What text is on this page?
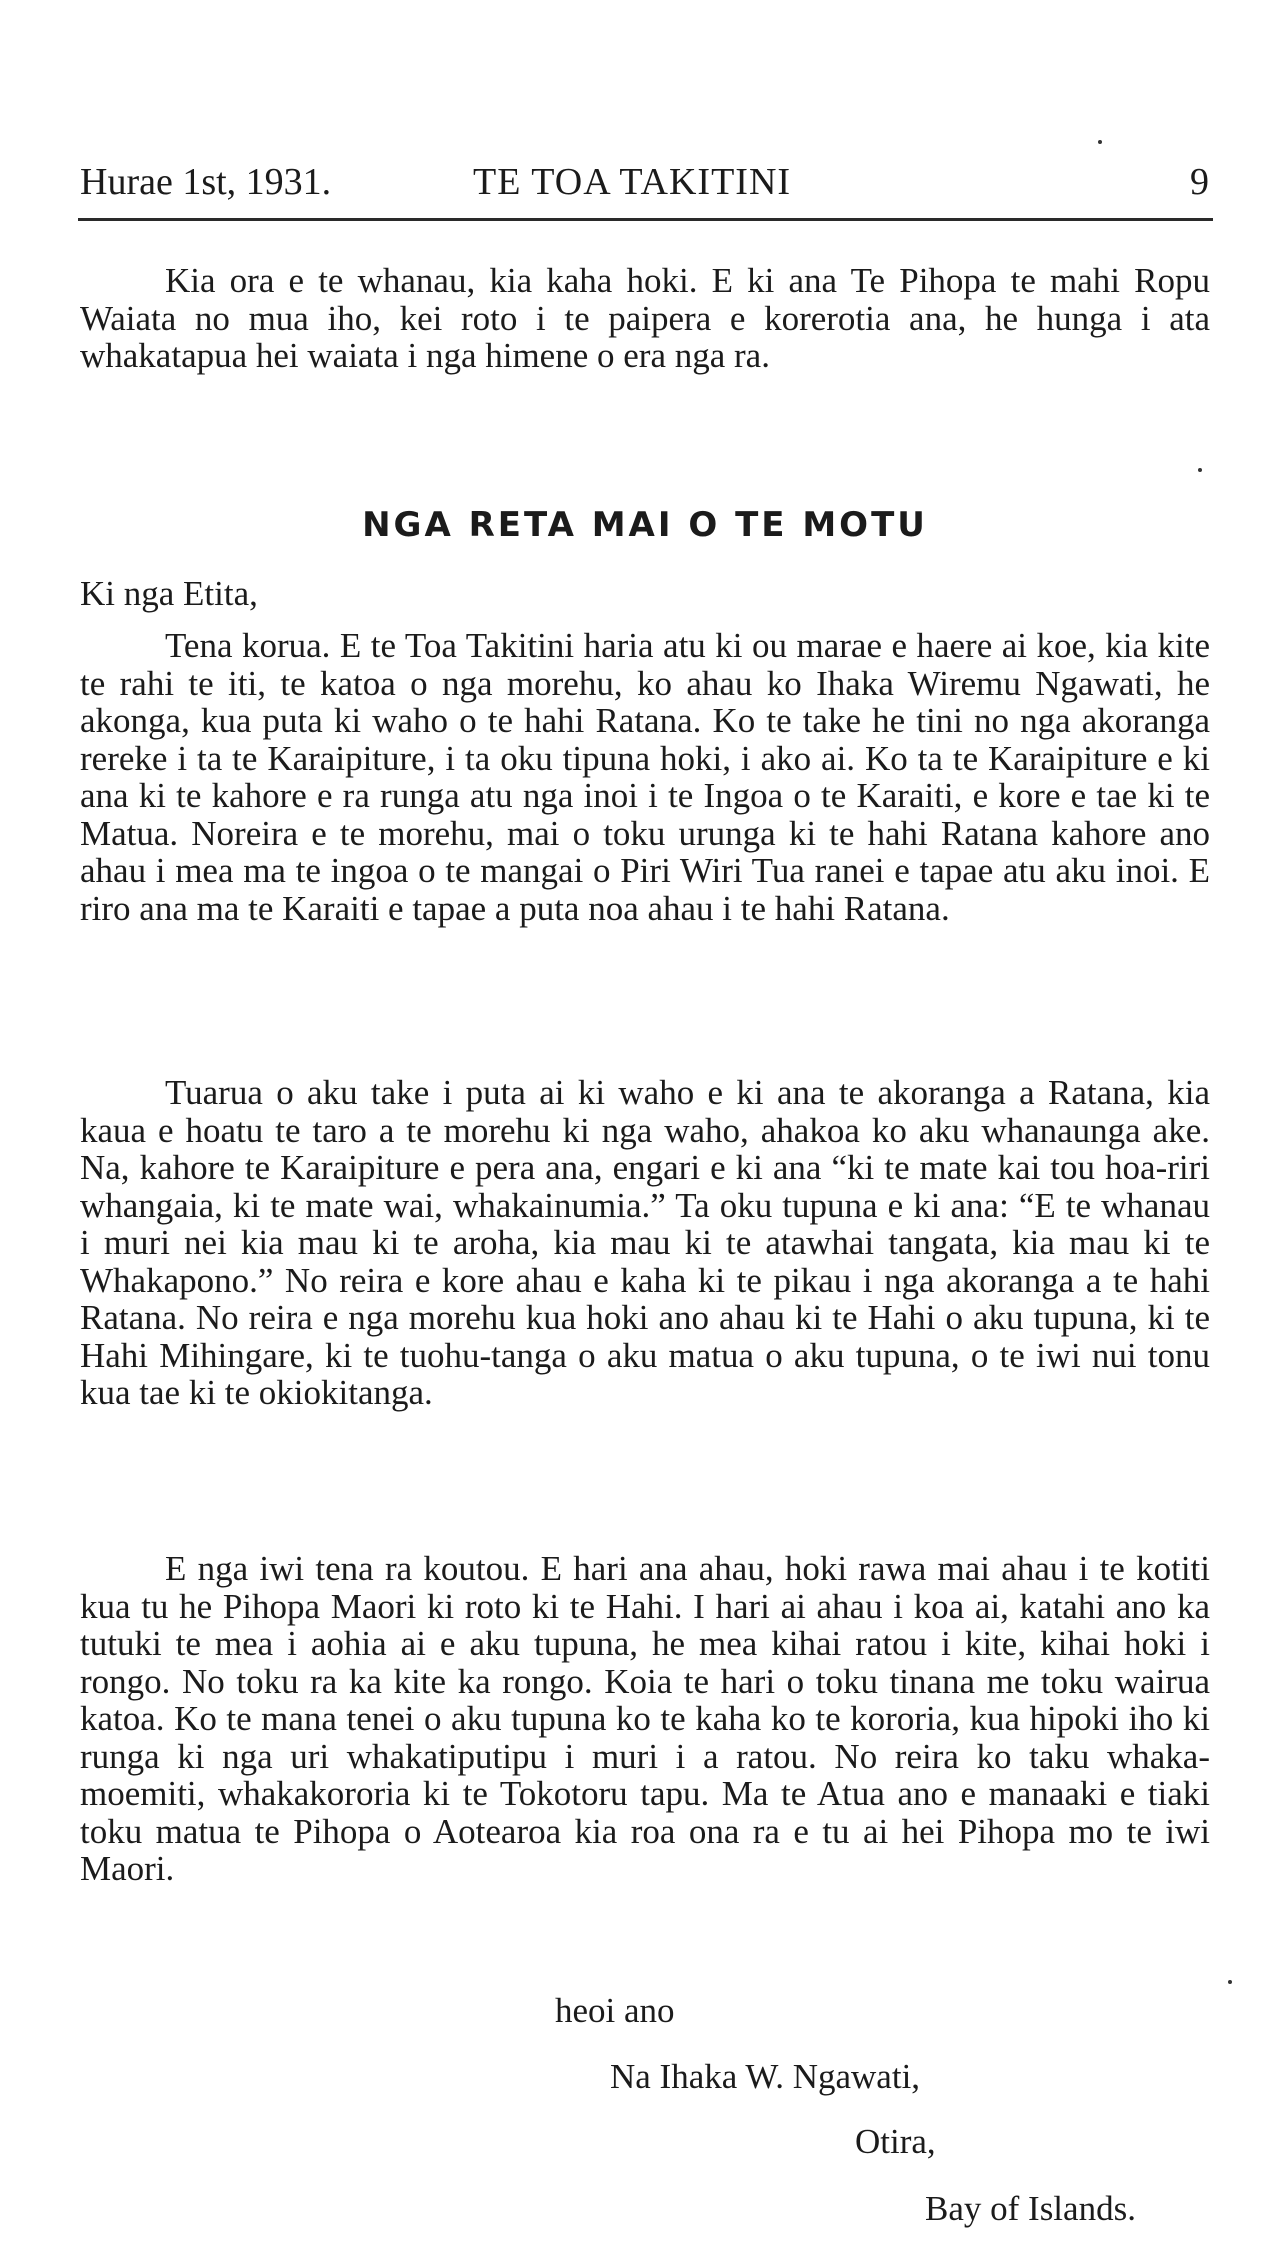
Hurae 1st, 1931.	TE TOA TAKITINI	9

Kia ora e te whanau, kia kaha hoki. E ki ana Te Pihopa te mahi Ropu Waiata no mua iho, kei roto i te paipera e korerotia ana, he hunga i ata whakatapua hei waiata i nga himene o era nga ra.

NGA RETA MAI O TE MOTU

Ki nga Etita,

Tena korua. E te Toa Takitini haria atu ki ou marae e haere ai koe, kia kite te rahi te iti, te katoa o nga morehu, ko ahau ko Ihaka Wiremu Ngawati, he akonga, kua puta ki waho o te hahi Ratana. Ko te take he tini no nga akoranga rereke i ta te Karaipiture, i ta oku tipuna hoki, i ako ai. Ko ta te Karaipiture e ki ana ki te kahore e ra runga atu nga inoi i te Ingoa o te Karaiti, e kore e tae ki te Matua. Noreira e te morehu, mai o toku urunga ki te hahi Ratana kahore ano ahau i mea ma te ingoa o te mangai o Piri Wiri Tua ranei e tapae atu aku inoi. E riro ana ma te Karaiti e tapae a puta noa ahau i te hahi Ratana.

Tuarua o aku take i puta ai ki waho e ki ana te akoranga a Ratana, kia kaua e hoatu te taro a te morehu ki nga waho, ahakoa ko aku whanaunga ake. Na, kahore te Karaipiture e pera ana, engari e ki ana “ki te mate kai tou hoa-riri whangaia, ki te mate wai, whakainumia.” Ta oku tupuna e ki ana: “E te whanau i muri nei kia mau ki te aroha, kia mau ki te atawhai tangata, kia mau ki te Whakapono.” No reira e kore ahau e kaha ki te pikau i nga akoranga a te hahi Ratana. No reira e nga morehu kua hoki ano ahau ki te Hahi o aku tupuna, ki te Hahi Mihingare, ki te tuohu-tanga o aku matua o aku tupuna, o te iwi nui tonu kua tae ki te okiokitanga.

E nga iwi tena ra koutou. E hari ana ahau, hoki rawa mai ahau i te kotiti kua tu he Pihopa Maori ki roto ki te Hahi. I hari ai ahau i koa ai, katahi ano ka tutuki te mea i aohia ai e aku tupuna, he mea kihai ratou i kite, kihai hoki i rongo. No toku ra ka kite ka rongo. Koia te hari o toku tinana me toku wairua katoa. Ko te mana tenei o aku tupuna ko te kaha ko te kororia, kua hipoki iho ki runga ki nga uri whakatiputipu i muri i a ratou. No reira ko taku whaka-moemiti, whakakororia ki te Tokotoru tapu. Ma te Atua ano e manaaki e tiaki toku matua te Pihopa o Aotearoa kia roa ona ra e tu ai hei Pihopa mo te iwi Maori.

heoi ano

Na Ihaka W. Ngawati,

Otira,

Bay of Islands.
